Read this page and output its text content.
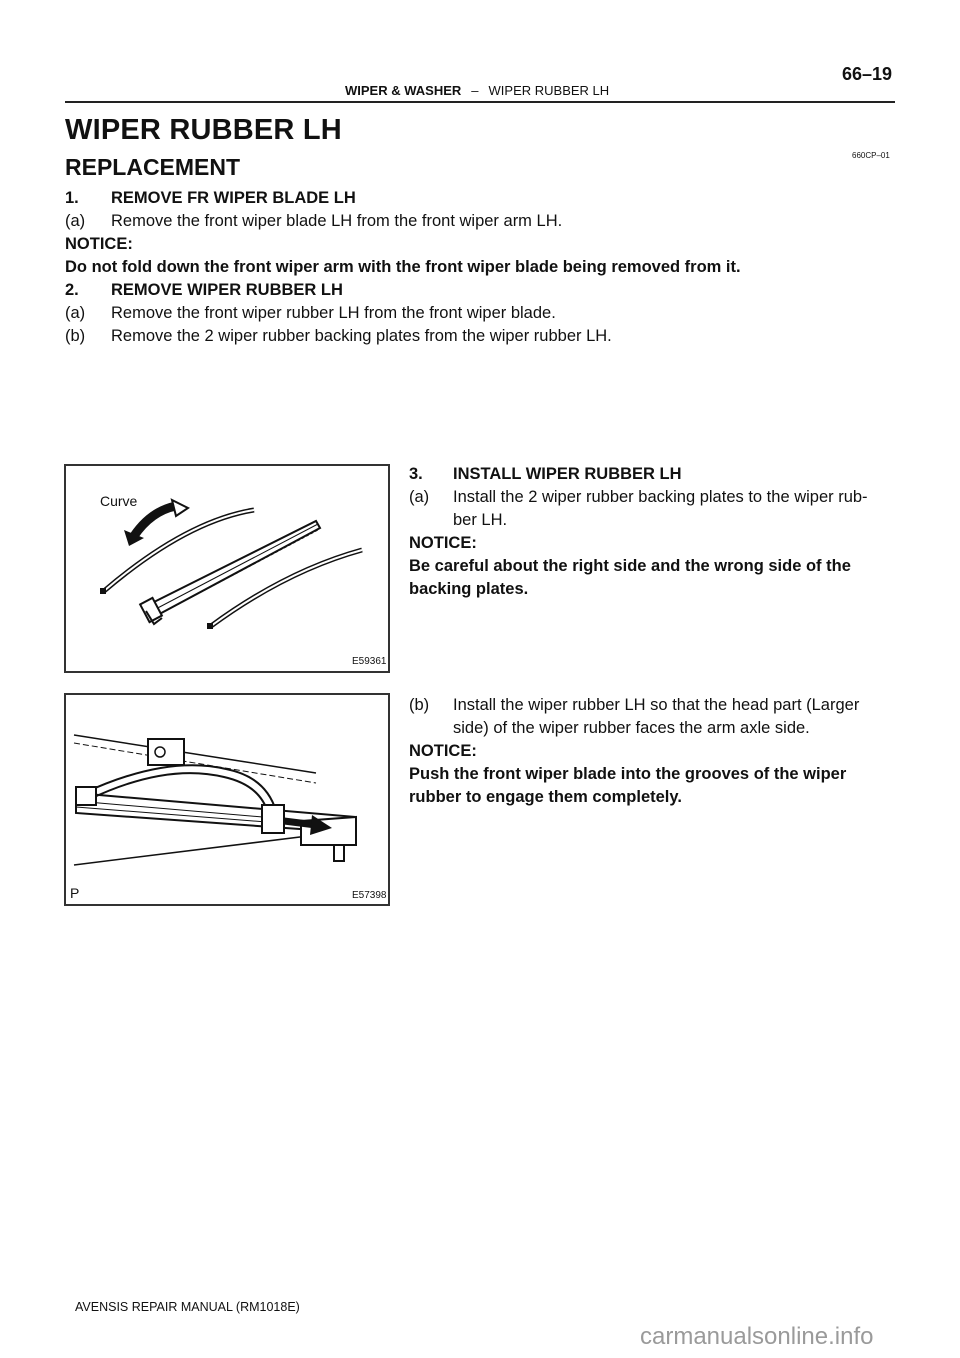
66–19
WIPER & WASHER – WIPER RUBBER LH
WIPER RUBBER LH
660CP–01
REPLACEMENT
1. REMOVE FR WIPER BLADE LH
(a) Remove the front wiper blade LH from the front wiper arm LH.
NOTICE:
Do not fold down the front wiper arm with the front wiper blade being removed from it.
2. REMOVE WIPER RUBBER LH
(a) Remove the front wiper rubber LH from the front wiper blade.
(b) Remove the 2 wiper rubber backing plates from the wiper rubber LH.
Curve
E59361
3. INSTALL WIPER RUBBER LH
(a) Install the 2 wiper rubber backing plates to the wiper rub-
ber LH.
NOTICE:
Be careful about the right side and the wrong side of the
backing plates.
P	E57398
(b) Install the wiper rubber LH so that the head part (Larger
side) of the wiper rubber faces the arm axle side.
NOTICE:
Push the front wiper blade into the grooves of the wiper
rubber to engage them completely.
AVENSIS REPAIR MANUAL (RM1018E)
carmanualsonline.info
